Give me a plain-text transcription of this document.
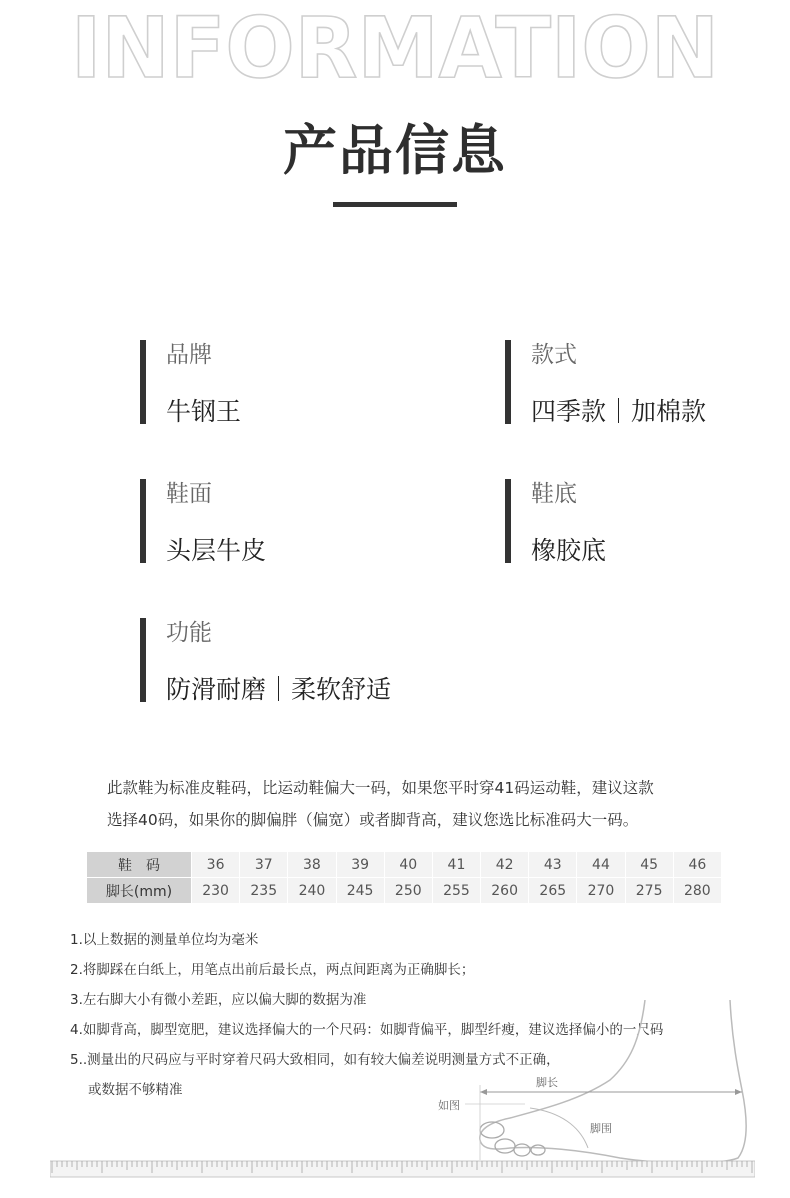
INFORMATION
产品信息
品牌
牛钢王
款式
四季款｜加棉款
鞋面
头层牛皮
鞋底
橡胶底
功能
防滑耐磨｜柔软舒适

此款鞋为标准皮鞋码，比运动鞋偏大一码，如果您平时穿41码运动鞋，建议这款

选择40码，如果你的脚偏胖（偏宽）或者脚背高，建议您选比标准码大一码。

鞋　码	36	37	38	39	40	41	42	43	44	45	46
脚长(mm)	230	235	240	245	250	255	260	265	270	275	280
1.以上数据的测量单位均为毫米
2.将脚踩在白纸上，用笔点出前后最长点，两点间距离为正确脚长；
3.左右脚大小有微小差距，应以偏大脚的数据为准
4.如脚背高，脚型宽肥，建议选择偏大的一个尺码：如脚背偏平，脚型纤瘦，建议选择偏小的一尺码
5..测量出的尺码应与平时穿着尺码大致相同，如有较大偏差说明测量方式不正确，
或数据不够精准	脚长
如图
脚围
